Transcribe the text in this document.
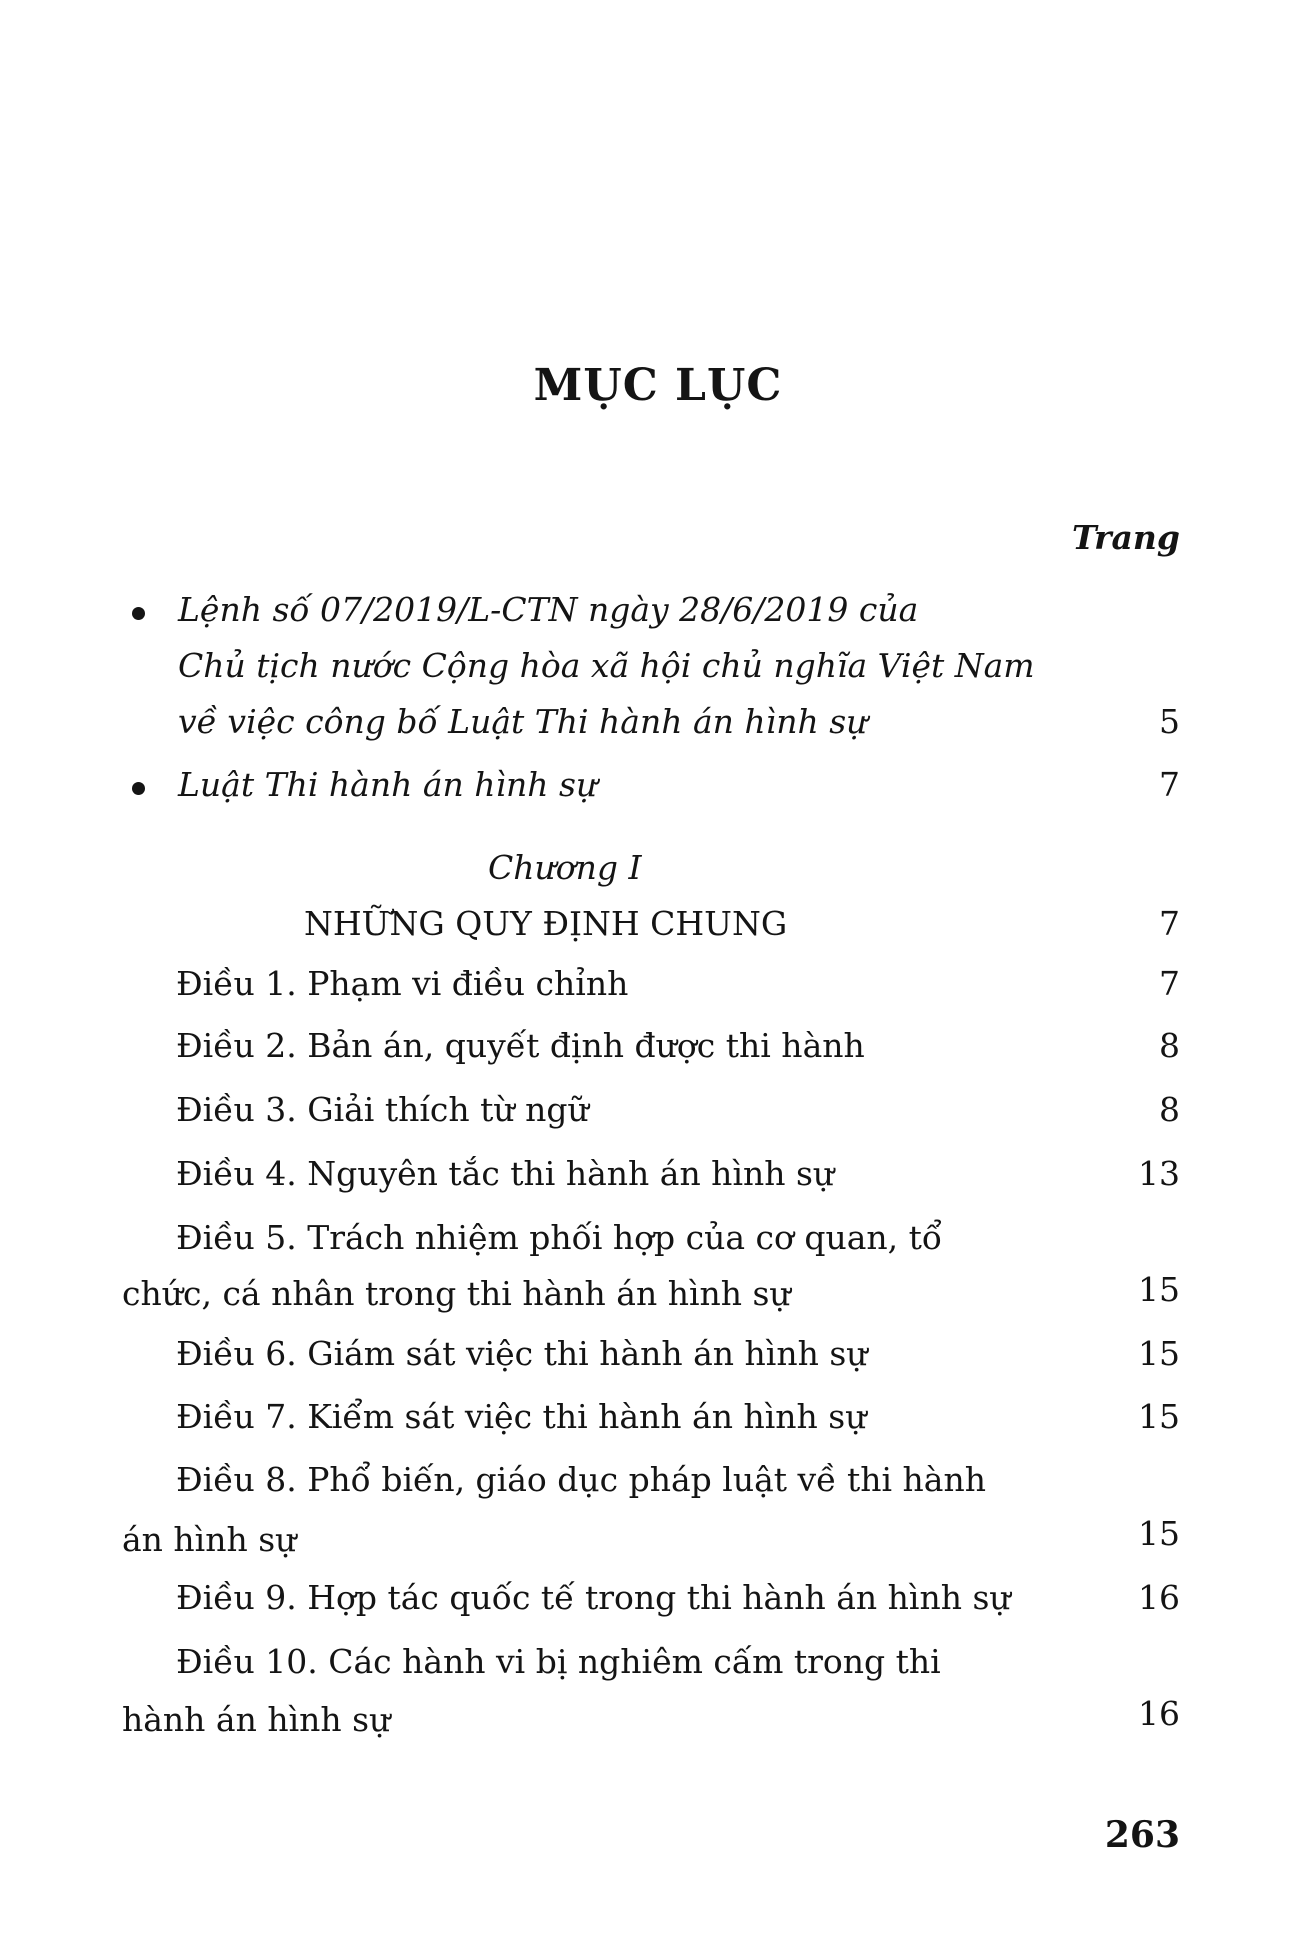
MỤC LỤC
Trang
Lệnh số 07/2019/L-CTN ngày 28/6/2019 của
Chủ tịch nước Cộng hòa xã hội chủ nghĩa Việt Nam
về việc công bố Luật Thi hành án hình sự	5
Luật Thi hành án hình sự	7
Chương I
NHỮNG QUY ĐỊNH CHUNG	7
Điều 1. Phạm vi điều chỉnh	7
Điều 2. Bản án, quyết định được thi hành	8
Điều 3. Giải thích từ ngữ	8
Điều 4. Nguyên tắc thi hành án hình sự	13
Điều 5. Trách nhiệm phối hợp của cơ quan, tổ
chức, cá nhân trong thi hành án hình sự	15
Điều 6. Giám sát việc thi hành án hình sự	15
Điều 7. Kiểm sát việc thi hành án hình sự	15
Điều 8. Phổ biến, giáo dục pháp luật về thi hành
án hình sự	15
Điều 9. Hợp tác quốc tế trong thi hành án hình sự	16
Điều 10. Các hành vi bị nghiêm cấm trong thi
hành án hình sự	16
263
